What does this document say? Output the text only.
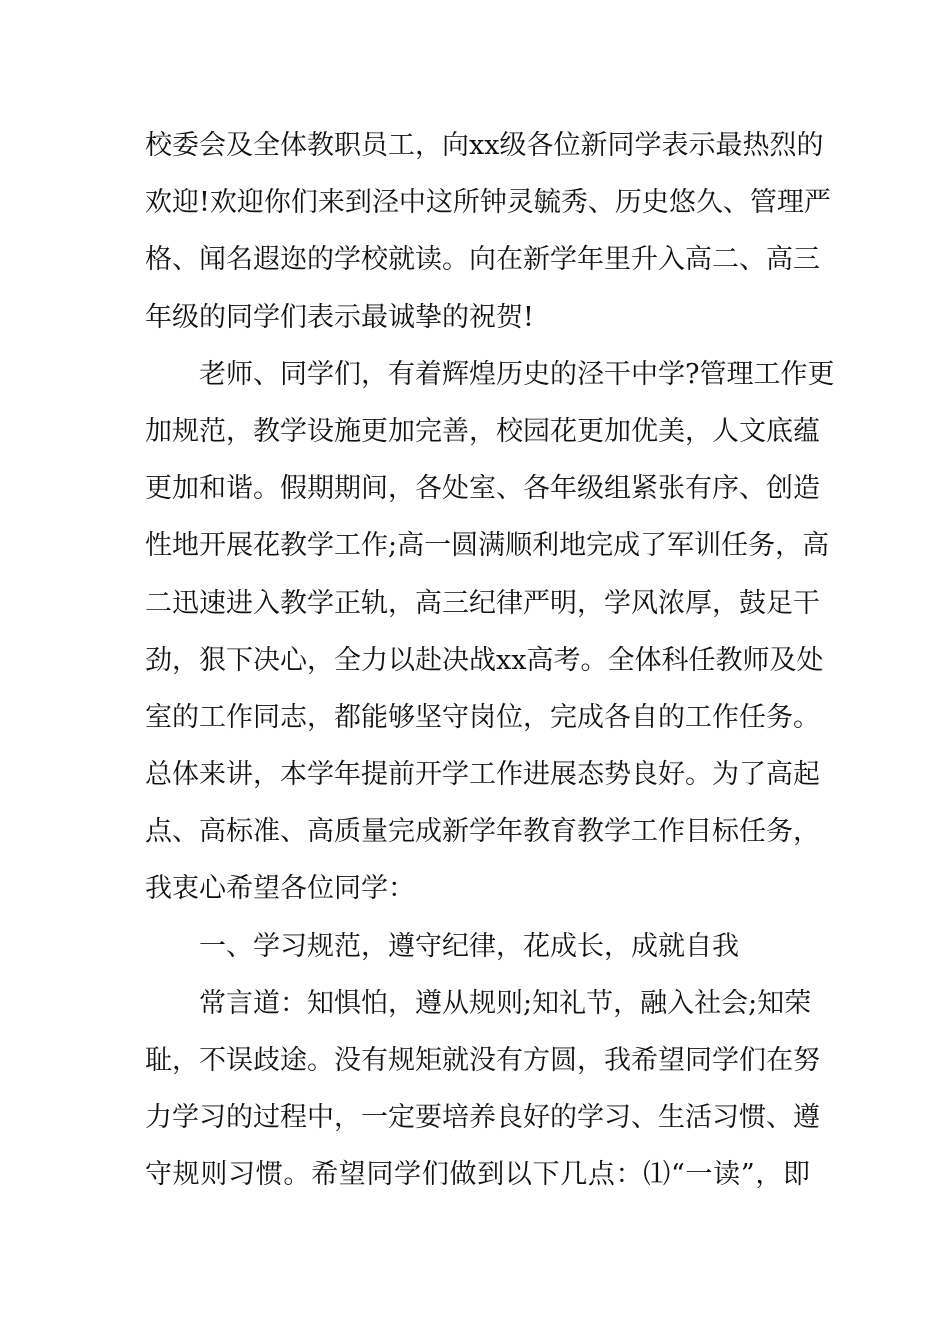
校委会及全体教职员工，向xx级各位新同学表示最热烈的
欢迎!欢迎你们来到泾中这所钟灵毓秀、历史悠久、管理严
格、闻名遐迩的学校就读。向在新学年里升入高二、高三
年级的同学们表示最诚挚的祝贺!
老师、同学们，有着辉煌历史的泾干中学?管理工作更
加规范，教学设施更加完善，校园花更加优美，人文底蕴
更加和谐。假期期间，各处室、各年级组紧张有序、创造
性地开展花教学工作;高一圆满顺利地完成了军训任务，高
二迅速进入教学正轨，高三纪律严明，学风浓厚，鼓足干
劲，狠下决心，全力以赴决战xx高考。全体科任教师及处
室的工作同志，都能够坚守岗位，完成各自的工作任务。
总体来讲，本学年提前开学工作进展态势良好。为了高起
点、高标准、高质量完成新学年教育教学工作目标任务，
我衷心希望各位同学：
一、学习规范，遵守纪律，花成长，成就自我
常言道：知惧怕，遵从规则;知礼节，融入社会;知荣
耻，不误歧途。没有规矩就没有方圆，我希望同学们在努
力学习的过程中，一定要培养良好的学习、生活习惯、遵
守规则习惯。希望同学们做到以下几点：⑴“一读”，即
